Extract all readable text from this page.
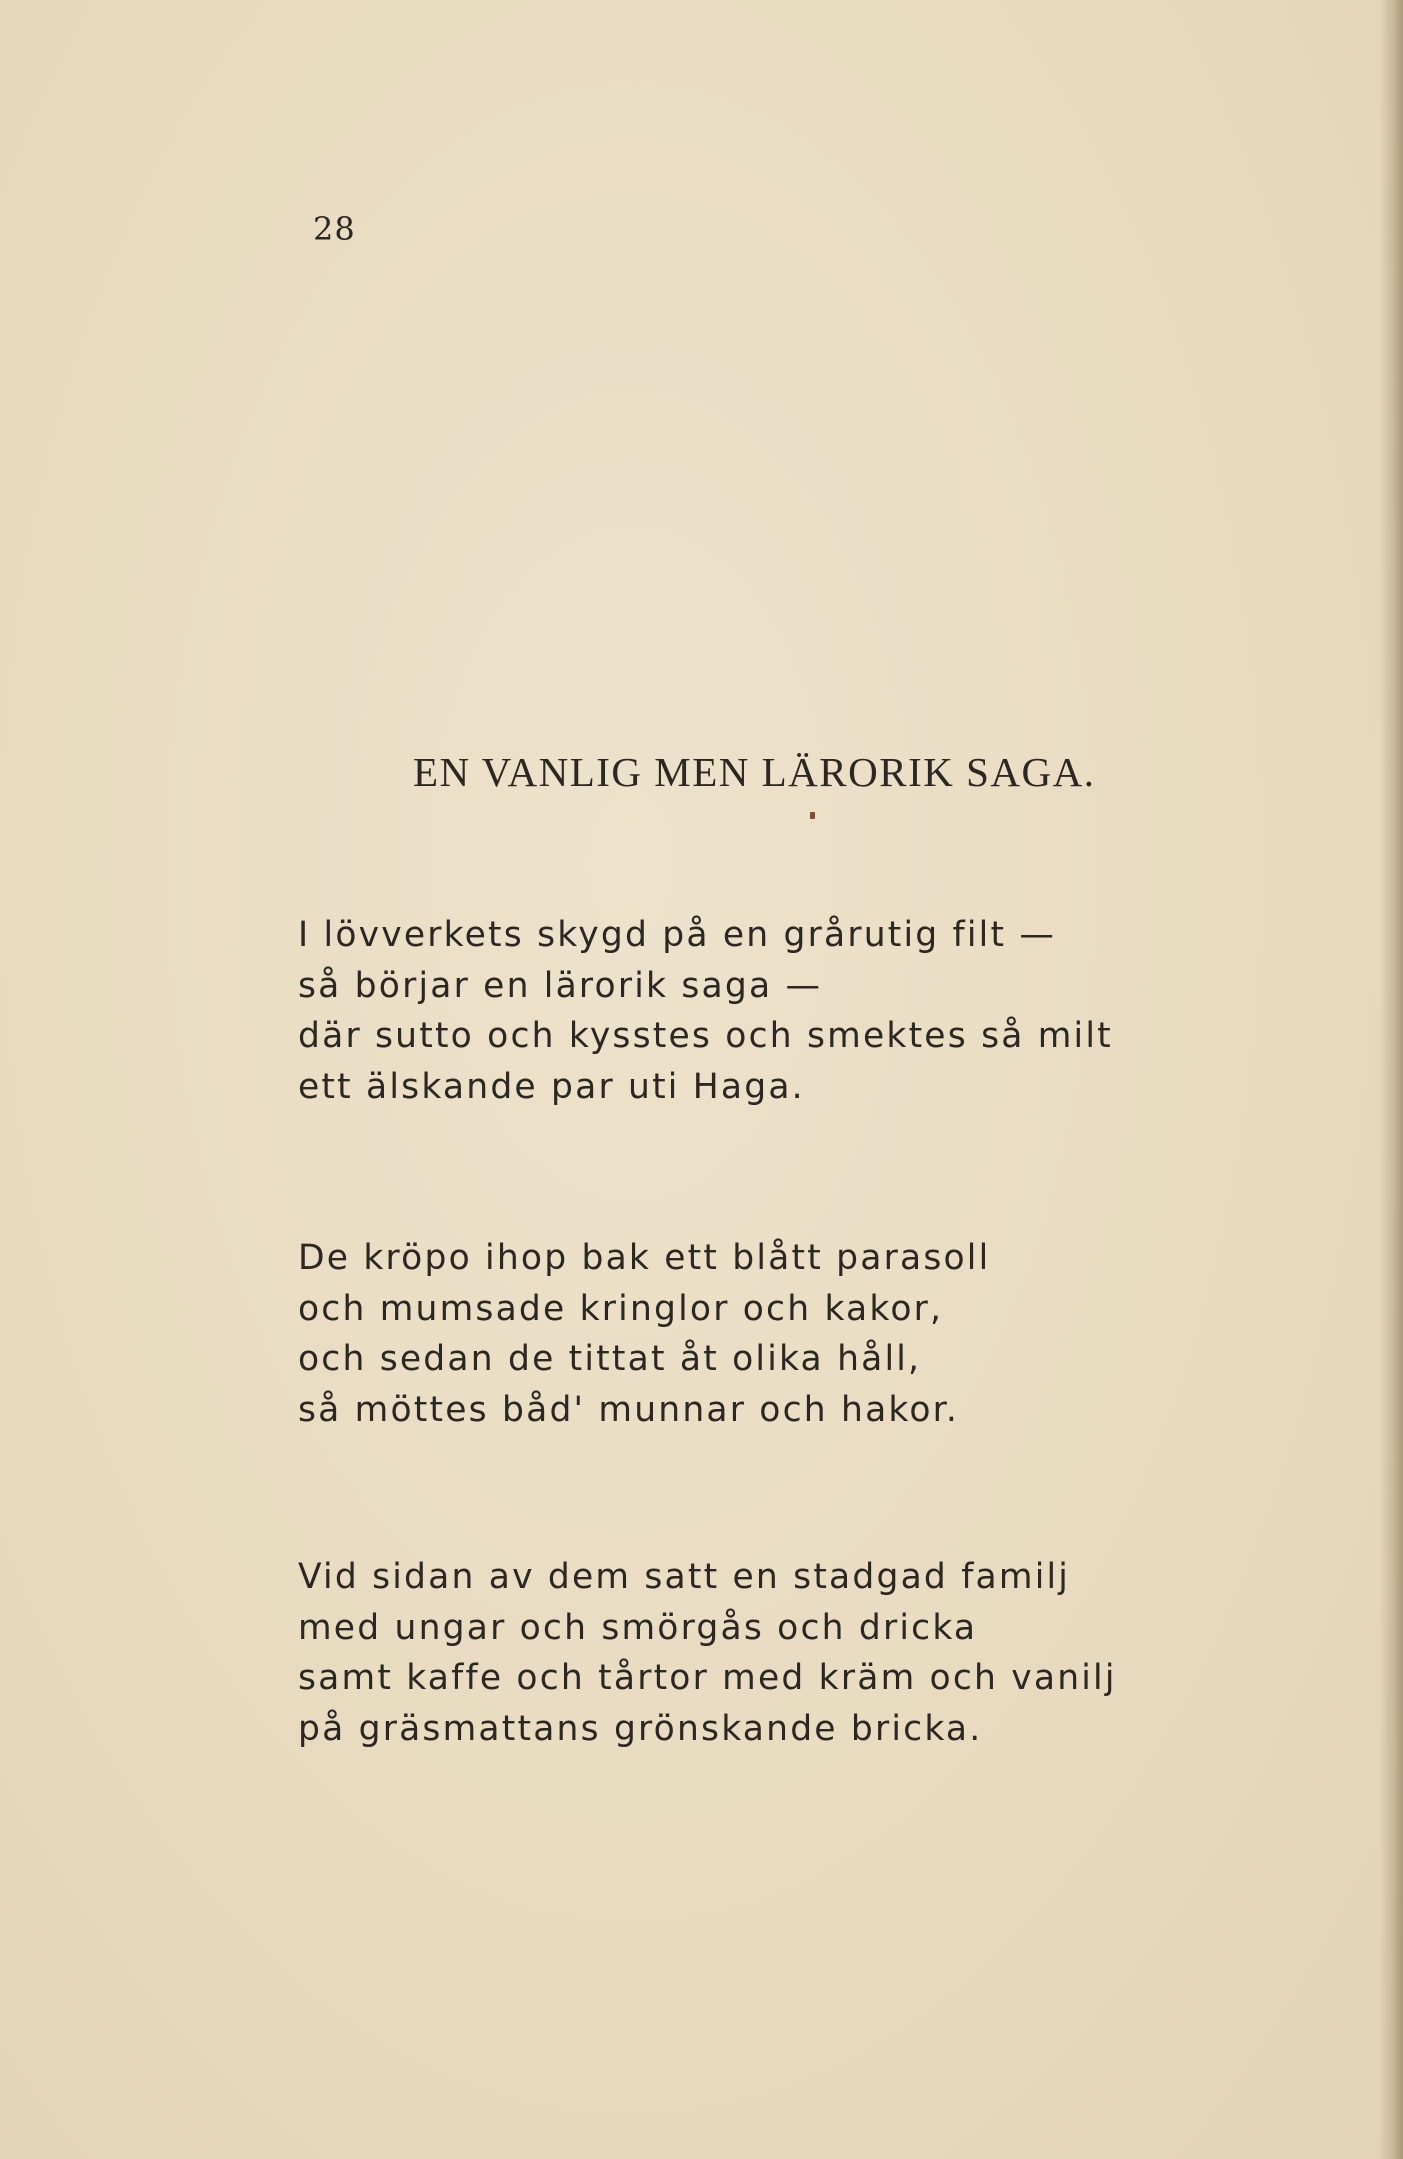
28
EN VANLIG MEN LÄRORIK SAGA.
I lövverkets skygd på en grårutig filt —
så börjar en lärorik saga —
där sutto och kysstes och smektes så milt
ett älskande par uti Haga.
De kröpo ihop bak ett blått parasoll
och mumsade kringlor och kakor,
och sedan de tittat åt olika håll,
så möttes båd' munnar och hakor.
Vid sidan av dem satt en stadgad familj
med ungar och smörgås och dricka
samt kaffe och tårtor med kräm och vanilj
på gräsmattans grönskande bricka.
